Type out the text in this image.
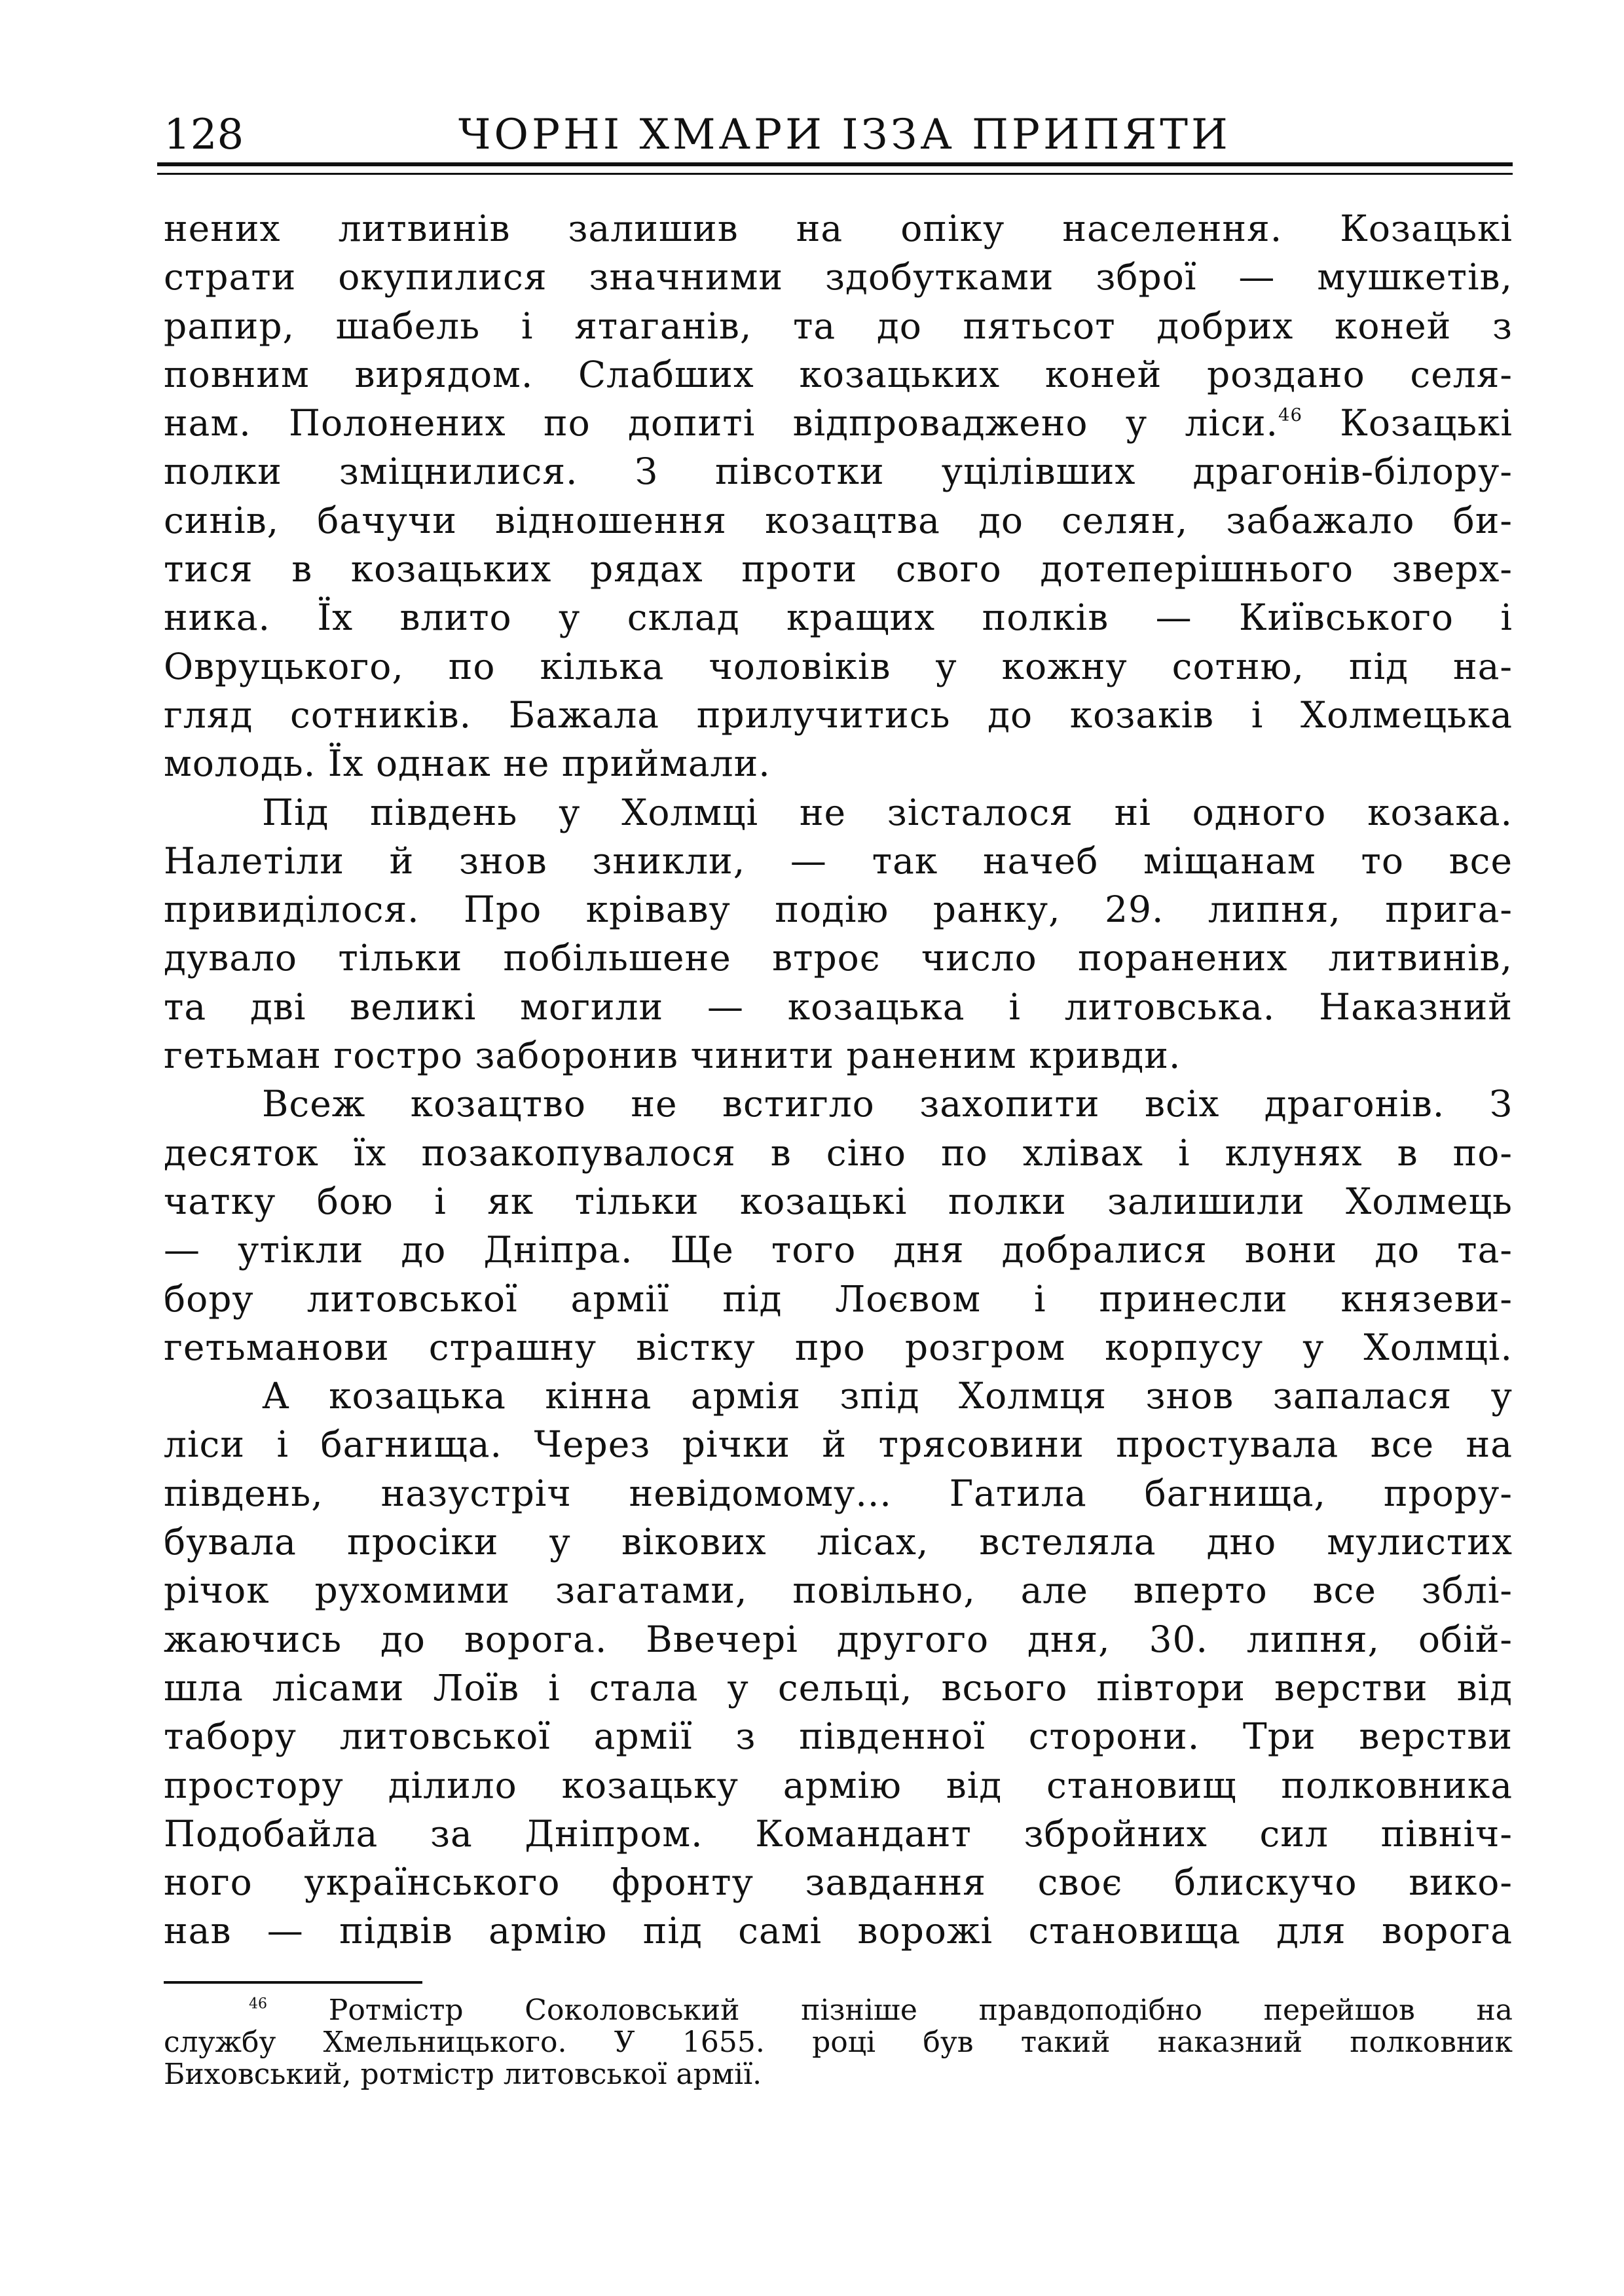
128	ЧОРНІ ХМАРИ ІЗЗА ПРИПЯТИ
нених литвинів залишив на опіку населення. Козацькі
страти окупилися значними здобутками зброї — мушкетів,
рапир, шабель і ятаганів, та до пятьсот добрих коней з
повним вирядом. Слабших козацьких коней роздано селя-
нам. Полонених по допиті відпроваджено у ліси.$^{46}$ Козацькі
полки зміцнилися. З півсотки уцілівших драгонів-білору-
синів, бачучи відношення козацтва до селян, забажало би-
тися в козацьких рядах проти свого дотеперішнього зверх-
ника. Їх влито у склад кращих полків — Київського і
Овруцького, по кілька чоловіків у кожну сотню, під на-
гляд сотників. Бажала прилучитись до козаків і Холмецька
молодь. Їх однак не приймали.
Під південь у Холмці не зісталося ні одного козака.
Налетіли й знов зникли, — так начеб міщанам то все
привиділося. Про кріваву подію ранку, 29. липня, пригa-
дувало тільки побільшене втроє число поранених литвинів,
та дві великі могили — козацька і литовська. Наказний
гетьман гостро заборонив чинити раненим кривди.
Всеж козацтво не встигло захопити всіх драгонів. З
десяток їх позакопувалося в сіно по хлівах і клунях в по-
чатку бою і як тільки козацькі полки залишили Холмець
— утікли до Дніпра. Ще того дня добралися вони до та-
бору литовської армії під Лоєвом і принесли князеви-
гетьманови страшну вістку про розгром корпусу у Холмці.
А козацька кінна армія зпід Холмця знов запалася у
ліси і багнища. Через річки й трясовини простувала все на
південь, назустріч невідомому... Гатила багнища, прору-
бувала просіки у вікових лісах, встеляла дно мулистих
річок рухомими загатами, повільно, але вперто все зблі-
жаючись до ворога. Ввечері другого дня, 30. липня, обій-
шла лісами Лоїв і стала у сельці, всього півтори верстви від
табору литовської армії з південної сторони. Три верстви
простору ділило козацьку армію від становищ полковника
Подобайла за Дніпром. Командант збройних сил північ-
ного українського фронту завдання своє блискучо вико-
нав — підвів армію під самі ворожі становища для ворога
$^{46}$ Ротмістр Соколовський пізніше правдоподібно перейшов на
службу Хмельницького. У 1655. році був такий наказний полковник
Биховський, ротмістр литовської армії.
